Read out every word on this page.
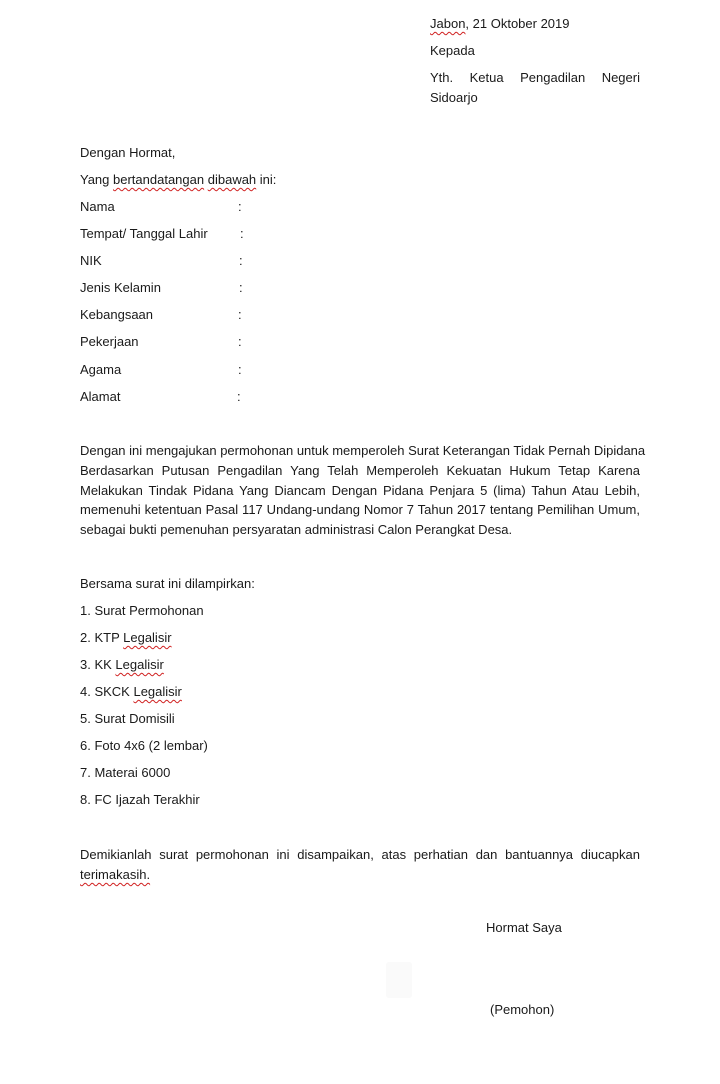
Jabon, 21 Oktober 2019
Kepada
Yth. Ketua Pengadilan Negeri
Sidoarjo
Dengan Hormat,
Yang bertandatangan dibawah ini:
Nama	:
Tempat/ Tanggal Lahir :
NIK	:
Jenis Kelamin	:
Kebangsaan	:
Pekerjaan	:
Agama	:
Alamat	:
Dengan ini mengajukan permohonan untuk memperoleh Surat Keterangan Tidak Pernah Dipidana
Berdasarkan Putusan Pengadilan Yang Telah Memperoleh Kekuatan Hukum Tetap Karena
Melakukan Tindak Pidana Yang Diancam Dengan Pidana Penjara 5 (lima) Tahun Atau Lebih,
memenuhi ketentuan Pasal 117 Undang-undang Nomor 7 Tahun 2017 tentang Pemilihan Umum,
sebagai bukti pemenuhan persyaratan administrasi Calon Perangkat Desa.
Bersama surat ini dilampirkan:
1. Surat Permohonan
2. KTP Legalisir
3. KK Legalisir
4. SKCK Legalisir
5. Surat Domisili
6. Foto 4x6 (2 lembar)
7. Materai 6000
8. FC Ijazah Terakhir
Demikianlah surat permohonan ini disampaikan, atas perhatian dan bantuannya diucapkan
terimakasih.
Hormat Saya
(Pemohon)
